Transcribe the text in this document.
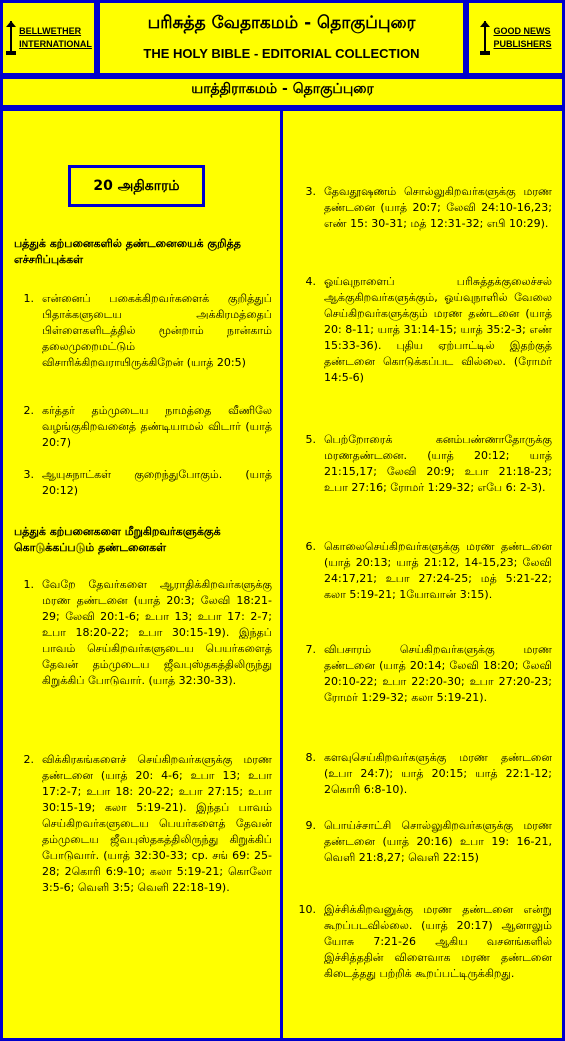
BELLWETHER
INTERNATIONAL
பரிசுத்த வேதாகமம் - தொகுப்புரை
THE HOLY BIBLE - EDITORIAL COLLECTION
GOOD NEWS
PUBLISHERS
யாத்திராகமம் - தொகுப்புரை
20 அதிகாரம்
பத்துக் கற்பனைகளில் தண்டனையைக் குறித்த எச்சரிப்புக்கள்
1. என்னைப் பகைக்கிறவர்களைக் குறித்துப் பிதாக்களுடைய அக்கிரமத்தைப் பிள்ளைகளிடத்தில் மூன்றாம் நான்காம் தலைமுறைமட்டும் விசாரிக்கிறவராயிருக்கிறேன் (யாத் 20:5)
2. கர்த்தர் தம்முடைய நாமத்தை வீணிலே வழங்குகிறவனைத் தண்டியாமல் விடார் (யாத் 20:7)
3. ஆயுசுநாட்கள் குறைந்துபோகும். (யாத் 20:12)
பத்துக் கற்பனைகளை மீறுகிறவர்களுக்குக் கொடுக்கப்படும் தண்டனைகள்
1. வேறே தேவர்களை ஆராதிக்கிறவர்களுக்கு மரண தண்டனை (யாத் 20:3; லேவி 18:21-29; லேவி 20:1-6; உபா 13; உபா 17: 2-7; உபா 18:20-22; உபா 30:15-19). இந்தப் பாவம் செய்கிறவர்களுடைய பெயர்களைத் தேவன் தம்முடைய ஜீவபுஸ்தகத்திலிருந்து கிறுக்கிப் போடுவார். (யாத் 32:30-33).
2. விக்கிரகங்களைச் செய்கிறவர்களுக்கு மரண தண்டனை (யாத் 20: 4-6; உபா 13; உபா 17:2-7; உபா 18: 20-22; உபா 27:15; உபா 30:15-19; கலா 5:19-21). இந்தப் பாவம் செய்கிறவர்களுடைய பெயர்களைத் தேவன் தம்முடைய ஜீவபுஸ்தகத்திலிருந்து கிறுக்கிப் போடுவார். (யாத் 32:30-33; cp. சங் 69: 25-28; 2கொரி 6:9-10; கலா 5:19-21; கொலோ 3:5-6; வெளி 3:5; வெளி 22:18-19).
3. தேவதூஷணம் சொல்லுகிறவர்களுக்கு மரண தண்டனை (யாத் 20:7; லேவி 24:10-16,23; எண் 15: 30-31; மத் 12:31-32; எபி 10:29).
4. ஓய்வுநாளைப் பரிசுத்தக்குலைச்சல் ஆக்குகிறவர்களுக்கும், ஓய்வுநாளில் வேலை செய்கிறவர்களுக்கும் மரண தண்டனை (யாத் 20: 8-11; யாத் 31:14-15; யாத் 35:2-3; எண் 15:33-36). புதிய ஏற்பாட்டில் இதற்குத் தண்டனை கொடுக்கப்பட வில்லை. (ரோமர் 14:5-6)
5. பெற்றோரைக் கனம்பண்ணாதோருக்கு மரணதண்டனை. (யாத் 20:12; யாத் 21:15,17; லேவி 20:9; உபா 21:18-23; உபா 27:16; ரோமர் 1:29-32; எபே 6: 2-3).
6. கொலைசெய்கிறவர்களுக்கு மரண தண்டனை (யாத் 20:13; யாத் 21:12, 14-15,23; லேவி 24:17,21; உபா 27:24-25; மத் 5:21-22; கலா 5:19-21; 1யோவான் 3:15).
7. விபசாரம் செய்கிறவர்களுக்கு மரண தண்டனை (யாத் 20:14; லேவி 18:20; லேவி 20:10-22; உபா 22:20-30; உபா 27:20-23; ரோமர் 1:29-32; கலா 5:19-21).
8. களவுசெய்கிறவர்களுக்கு மரண தண்டனை (உபா 24:7); யாத் 20:15; யாத் 22:1-12; 2கொரி 6:8-10).
9. பொய்ச்சாட்சி சொல்லுகிறவர்களுக்கு மரண தண்டனை (யாத் 20:16) உபா 19: 16-21, வெளி 21:8,27; வெளி 22:15)
10. இச்சிக்கிறவனுக்கு மரண தண்டனை என்று கூறப்படவில்லை. (யாத் 20:17) ஆனாலும் யோசு 7:21-26 ஆகிய வசனங்களில் இச்சித்ததின் விளைவாக மரண தண்டனை கிடைத்தது பற்றிக் கூறப்பட்டிருக்கிறது.
